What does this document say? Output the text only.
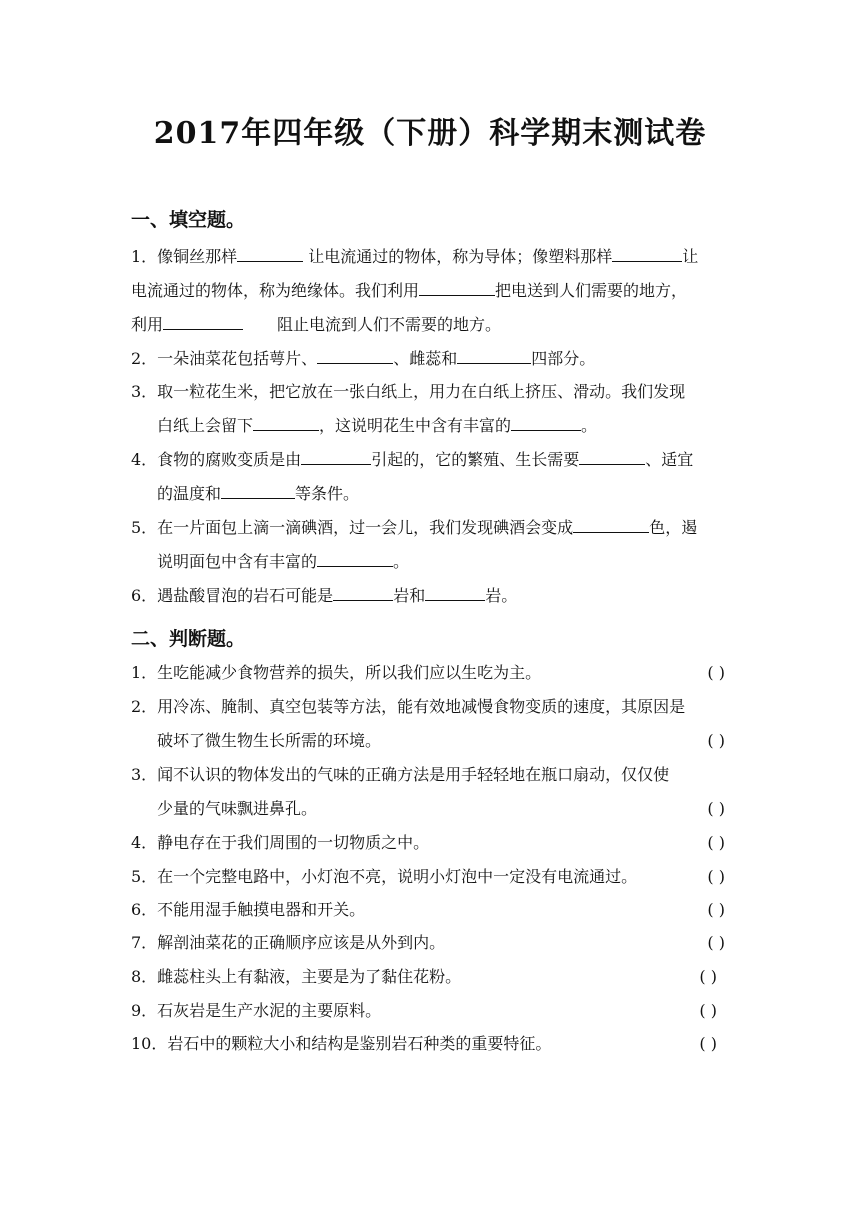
2017年四年级（下册）科学期末测试卷
一、填空题。
1．像铜丝那样	让电流通过的物体，称为导体；像塑料那样	让
电流通过的物体，称为绝缘体。我们利用	把电送到人们需要的地方，
利用	阻止电流到人们不需要的地方。
2．一朵油菜花包括萼片、	、雌蕊和	四部分。
3．取一粒花生米，把它放在一张白纸上，用力在白纸上挤压、滑动。我们发现
白纸上会留下	，这说明花生中含有丰富的	。
4．食物的腐败变质是由	引起的，它的繁殖、生长需要	、适宜
的温度和	等条件。
5．在一片面包上滴一滴碘酒，过一会儿，我们发现碘酒会变成	色，遏
说明面包中含有丰富的	。
6．遇盐酸冒泡的岩石可能是	岩和	岩。
二、判断题。
1．生吃能减少食物营养的损失，所以我们应以生吃为主。	( )
2．用冷冻、腌制、真空包装等方法，能有效地减慢食物变质的速度，其原因是
破坏了微生物生长所需的环境。	( )
3．闻不认识的物体发出的气味的正确方法是用手轻轻地在瓶口扇动，仅仅使
少量的气味飘进鼻孔。	( )
4．静电存在于我们周围的一切物质之中。	( )
5．在一个完整电路中，小灯泡不亮，说明小灯泡中一定没有电流通过。	( )
6．不能用湿手触摸电器和开关。	( )
7．解剖油菜花的正确顺序应该是从外到内。	( )
8．雌蕊柱头上有黏液，主要是为了黏住花粉。	( )
9．石灰岩是生产水泥的主要原料。	( )
10．岩石中的颗粒大小和结构是鉴别岩石种类的重要特征。	( )
